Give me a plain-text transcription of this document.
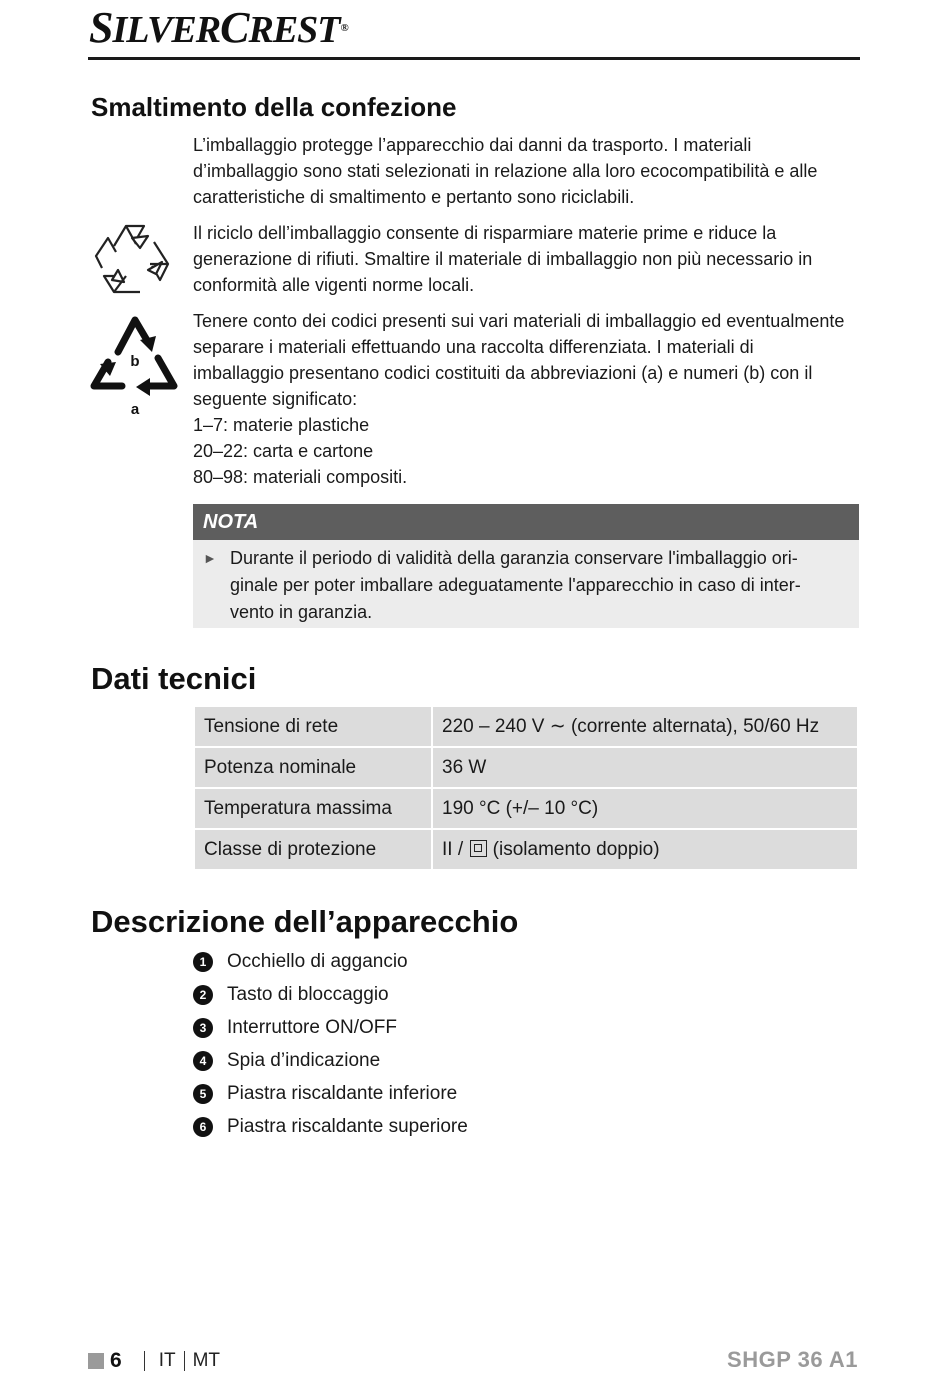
SILVERCREST®
Smaltimento della confezione
L’imballaggio protegge l’apparecchio dai danni da trasporto. I materiali
d’imballaggio sono stati selezionati in relazione alla loro ecocompatibilità e alle
caratteristiche di smaltimento e pertanto sono riciclabili.
Il riciclo dell’imballaggio consente di risparmiare materie prime e riduce la
generazione di rifiuti. Smaltire il materiale di imballaggio non più necessario in
conformità alle vigenti norme locali.
b
a
Tenere conto dei codici presenti sui vari materiali di imballaggio ed eventualmente
separare i materiali effettuando una raccolta differenziata. I materiali di
imballaggio presentano codici costituiti da abbreviazioni (a) e numeri (b) con il
seguente significato:
1–7: materie plastiche
20–22: carta e cartone
80–98: materiali compositi.
NOTA
► Durante il periodo di validità della garanzia conservare l'imballaggio ori-
ginale per poter imballare adeguatamente l'apparecchio in caso di inter-
vento in garanzia.
Dati tecnici
Tensione di rete	220 – 240 V ∼ (corrente alternata), 50/60 Hz
Potenza nominale	36 W
Temperatura massima	190 °C (+/– 10 °C)
Classe di protezione	II /  (isolamento doppio)
Descrizione dell’apparecchio
1	Occhiello di aggancio
2	Tasto di bloccaggio
3	Interruttore ON/OFF
4	Spia d’indicazione
5	Piastra riscaldante inferiore
6	Piastra riscaldante superiore
6 IT MT	SHGP 36 A1
